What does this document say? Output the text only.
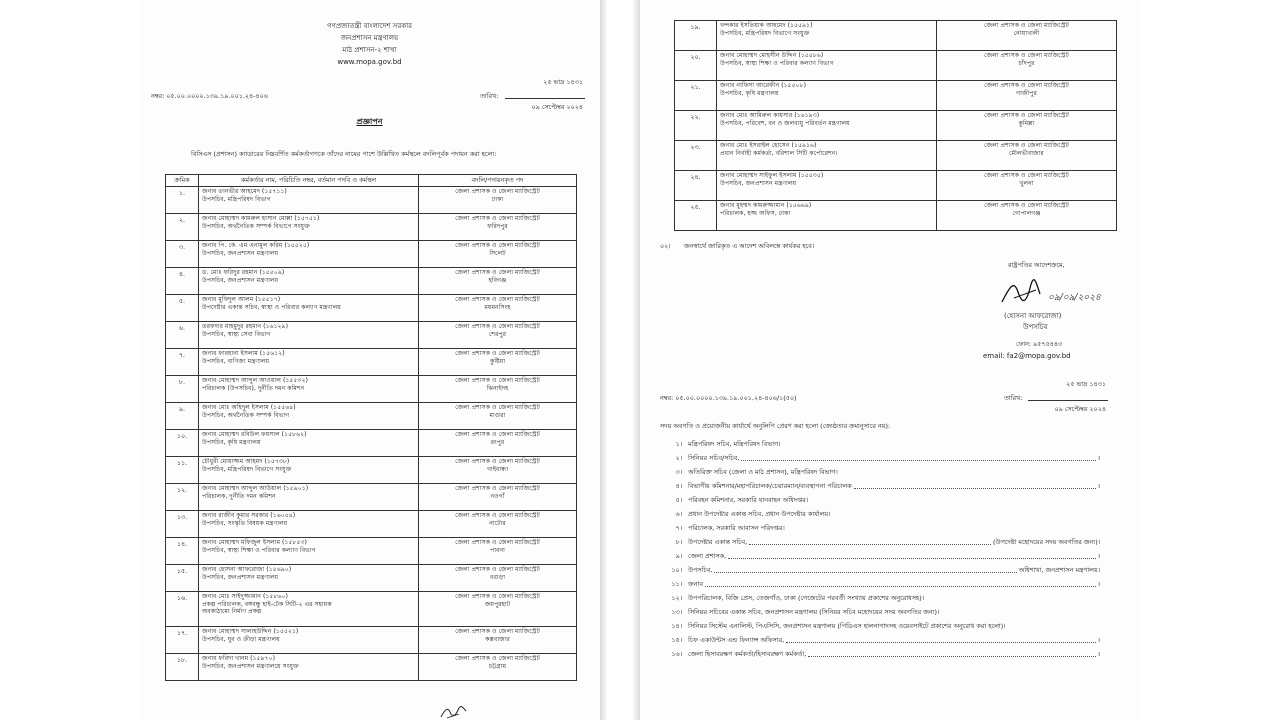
গণপ্রজাতন্ত্রী বাংলাদেশ সরকার
জনপ্রশাসন মন্ত্রণালয়
মাঠ প্রশাসন-২ শাখা
www.mopa.gov.bd
২৫ ভাদ্র ১৪৩১
নম্বর: ০৫.০০.০০০০.১৩৯.১৯.০০১.২৪-৪০৬	তারিখ:
০৯ সেপ্টেম্বর ২০২৪
প্রজ্ঞাপন
বিসিএস (প্রশাসন) ক্যাডারের নিম্নবর্ণিত কর্মকর্তাগণকে তাঁদের নামের পাশে উল্লিখিত কর্মস্থলে বদলিপূর্বক পদায়ন করা হলো:
ক্রমিক	কর্মকর্তার নাম, পরিচিতি নম্বর, বর্তমান পদবি ও কর্মস্থল	বদলি/পদায়নকৃত পদ
১.	জনাব তানভীর আহমেদ (১৫৭১১)
উপসচিব, মন্ত্রিপরিষদ বিভাগ	জেলা প্রশাসক ও জেলা ম্যাজিস্ট্রেট
ঢাকা

২.	জনাব মোহাম্মদ কামরুল হাসান মোল্লা (১৫৭৫১)
উপসচিব, অর্থনৈতিক সম্পর্ক বিভাগে সংযুক্ত	জেলা প্রশাসক ও জেলা ম্যাজিস্ট্রেট
ফরিদপুর

৩.	জনাব পি. কে. এম এনামুল করিম (১৫৫২৫)
উপসচিব, জনপ্রশাসন মন্ত্রণালয়	জেলা প্রশাসক ও জেলা ম্যাজিস্ট্রেট
সিলেট

৪.	ড. মোঃ ফরিদুর রহমান (১৫৫০৯)
উপসচিব, জনপ্রশাসন মন্ত্রণালয়	জেলা প্রশাসক ও জেলা ম্যাজিস্ট্রেট
হবিগঞ্জ

৫.	জনাব মুফিদুল আলম (১৫৫১৭)
উপদেষ্টার একান্ত সচিব, স্বাস্থ্য ও পরিবার কল্যাণ মন্ত্রণালয়	জেলা প্রশাসক ও জেলা ম্যাজিস্ট্রেট
ময়মনসিংহ

৬.	তরফদার মাহমুদুর রহমান (১৬১২৯)
উপসচিব, স্বাস্থ্য সেবা বিভাগ	জেলা প্রশাসক ও জেলা ম্যাজিস্ট্রেট
শেরপুর

৭.	জনাব ফারহানা ইসলাম (১৫৬১২)
উপসচিব, বাণিজ্য মন্ত্রণালয়	জেলা প্রশাসক ও জেলা ম্যাজিস্ট্রেট
কুষ্টিয়া

৮.	জনাব মোহাম্মদ আব্দুল আওয়াল (১৫৫৩২)
পরিচালক (উপসচিব), দুর্নীতি দমন কমিশন	জেলা প্রশাসক ও জেলা ম্যাজিস্ট্রেট
ঝিনাইদহ

৯.	জনাব মোঃ অহিদুল ইসলাম (১৫৫৬৪)
উপসচিব, অর্থনৈতিক সম্পর্ক বিভাগ	জেলা প্রশাসক ও জেলা ম্যাজিস্ট্রেট
মাগুরা

১০.	জনাব মোহাম্মদ রবিউল ফয়সাল (১৫৮৬২)
উপসচিব, কৃষি মন্ত্রণালয়	জেলা প্রশাসক ও জেলা ম্যাজিস্ট্রেট
রংপুর

১১.	চৌধুরী মোয়াজ্জম আহমদ (১৫৭৩৮)
উপসচিব, মন্ত্রিপরিষদ বিভাগে সংযুক্ত	জেলা প্রশাসক ও জেলা ম্যাজিস্ট্রেট
গাইবান্ধা

১২.	জনাব মোহাম্মদ আব্দুল আউয়াল (১৫৯০১)
পরিচালক, দুর্নীতি দমন কমিশন	জেলা প্রশাসক ও জেলা ম্যাজিস্ট্রেট
নওগাঁ

১৩.	জনাব রাজীব কুমার সরকার (১৬০৫৪)
উপসচিব, সংস্কৃতি বিষয়ক মন্ত্রণালয়	জেলা প্রশাসক ও জেলা ম্যাজিস্ট্রেট
নাটোর

১৪.	জনাব মোহাম্মদ মফিজুল ইসলাম (১৫৮৫৩)
উপসচিব, স্বাস্থ্য শিক্ষা ও পরিবার কল্যাণ বিভাগ	জেলা প্রশাসক ও জেলা ম্যাজিস্ট্রেট
পাবনা

১৫.	জনাব হোসনা আফরোজা (১৫৬৯০)
উপসচিব, জনপ্রশাসন মন্ত্রণালয়	জেলা প্রশাসক ও জেলা ম্যাজিস্ট্রেট
বগুড়া

১৬.	জনাব মোঃ সাইদুজ্জামান (১৫৮৬০)
প্রকল্প পরিচালক, বঙ্গবন্ধু হাই-টেক সিটি-২ এর সহায়ক
অবকাঠামো নির্মাণ প্রকল্প	জেলা প্রশাসক ও জেলা ম্যাজিস্ট্রেট
জয়পুরহাট

১৭.	জনাব মোহাম্মদ সালাহউদ্দিন (১৫৫২১)
উপসচিব, যুব ও ক্রীড়া মন্ত্রণালয়	জেলা প্রশাসক ও জেলা ম্যাজিস্ট্রেট
কক্সবাজার

১৮.	জনাব ফরিদা খানম (১৫৯৭০)
উপসচিব, জনপ্রশাসন মন্ত্রণালয়ে সংযুক্ত	জেলা প্রশাসক ও জেলা ম্যাজিস্ট্রেট
চট্টগ্রাম
১৯.	খন্দকার ইসতিয়াক আহমেদ (১৫৫৯১)
উপসচিব, মন্ত্রিপরিষদ বিভাগে সংযুক্ত	জেলা প্রশাসক ও জেলা ম্যাজিস্ট্রেট
নোয়াখালী

২০.	জনাব মোহাম্মদ মোহসীন উদ্দিন (১৫৫৮৬)
উপসচিব, স্বাস্থ্য শিক্ষা ও পরিবার কল্যাণ বিভাগ	জেলা প্রশাসক ও জেলা ম্যাজিস্ট্রেট
চাঁদপুর

২১.	জনাব নাফিসা আরেফীন (১৫৫০৮)
উপসচিব, কৃষি মন্ত্রণালয়	জেলা প্রশাসক ও জেলা ম্যাজিস্ট্রেট
গাজীপুর

২২.	জনাব মোঃ আমিরুল কায়সার (১৬১৯৩)
উপসচিব, পরিবেশ, বন ও জলবায়ু পরিবর্তন মন্ত্রণালয়	জেলা প্রশাসক ও জেলা ম্যাজিস্ট্রেট
কুমিল্লা

২৩.	জনাব মোঃ ইসরাইল হোসেন (১৫৯১৬)
প্রধান নির্বাহী কর্মকর্তা, বরিশাল সিটি কর্পোরেশন।	জেলা প্রশাসক ও জেলা ম্যাজিস্ট্রেট
মৌলভীবাজার

২৪.	জনাব মোহাম্মদ সাইফুল ইসলাম (১৫৫৩৫)
উপসচিব, জনপ্রশাসন মন্ত্রণালয়	জেলা প্রশাসক ও জেলা ম্যাজিস্ট্রেট
খুলনা

২৫.	জনাব মুহম্মদ কামরুজ্জামান (১৫৬৬৯)
পরিচালক, হজ্জ অফিস, ঢাকা	জেলা প্রশাসক ও জেলা ম্যাজিস্ট্রেট
গোপালগঞ্জ
০২। জনস্বার্থে জারিকৃত এ আদেশ অবিলম্বে কার্যকর হবে।
রাষ্ট্রপতির আদেশক্রমে,
০৯/০৯/২০২৪
(হোসনা আফরোজা)
উপসচিব
ফোন: ৯৫৭৫৪৪৩
email: fa2@mopa.gov.bd
২৫ ভাদ্র ১৪৩১
নম্বর: ০৫.০০.০০০০.১৩৯.১৯.০০১.২৪-৪০৬/১(৫০)	তারিখ:
০৯ সেপ্টেম্বর ২০২৪
সদয় অবগতি ও প্রয়োজনীয় কার্যার্থে অনুলিপি প্রেরণ করা হলো (জ্যেষ্ঠতার ক্রমানুসারে নয়):
১। মন্ত্রিপরিষদ সচিব, মন্ত্রিপরিষদ বিভাগ।
২। সিনিয়র সচিব/সচিব,	।
৩। অতিরিক্ত সচিব (জেলা ও মাঠ প্রশাসন), মন্ত্রিপরিষদ বিভাগ।
৪। বিভাগীয় কমিশনার/মহাপরিচালক/চেয়ারম্যান/ব্যবস্থাপনা পরিচালক	।
৫। পরিবহন কমিশনার, সরকারি যানবাহন অধিদপ্তর।
৬। প্রধান উপদেষ্টার একান্ত সচিব, প্রধান উপদেষ্টার কার্যালয়।
৭। পরিচালক, সরকারি আবাসন পরিদপ্তর।
৮। উপদেষ্টার একান্ত সচিব,	(উপদেষ্টা মহোদয়ের সদয় অবগতির জন্য)।
৯। জেলা প্রশাসক,	।
১০। উপসচিব,	অধিশাখা, জনপ্রশাসন মন্ত্রণালয়।
১১। জনাব	।
১২। উপপরিচালক, বিজি প্রেস, তেজগাঁও, ঢাকা (গেজেটের পরবর্তী সংখ্যায় প্রকাশের অনুরোধসহ)।
১৩। সিনিয়র সচিবের একান্ত সচিব, জনপ্রশাসন মন্ত্রণালয় (সিনিয়র সচিব মহোদয়ের সদয় অবগতির জন্য)।
১৪। সিনিয়র সিস্টেম এনালিস্ট, পিএসিসি, জনপ্রশাসন মন্ত্রণালয় (পিডিএস হালনাগাদসহ ওয়েবসাইটে প্রকাশের অনুরোধ করা হলো)।
১৫। চিফ একাউন্টস এন্ড ফিন্যান্স অফিসার,	।
১৬। জেলা হিসাবরক্ষণ কর্মকর্তা/হিসাবরক্ষণ কর্মকর্তা,	।
